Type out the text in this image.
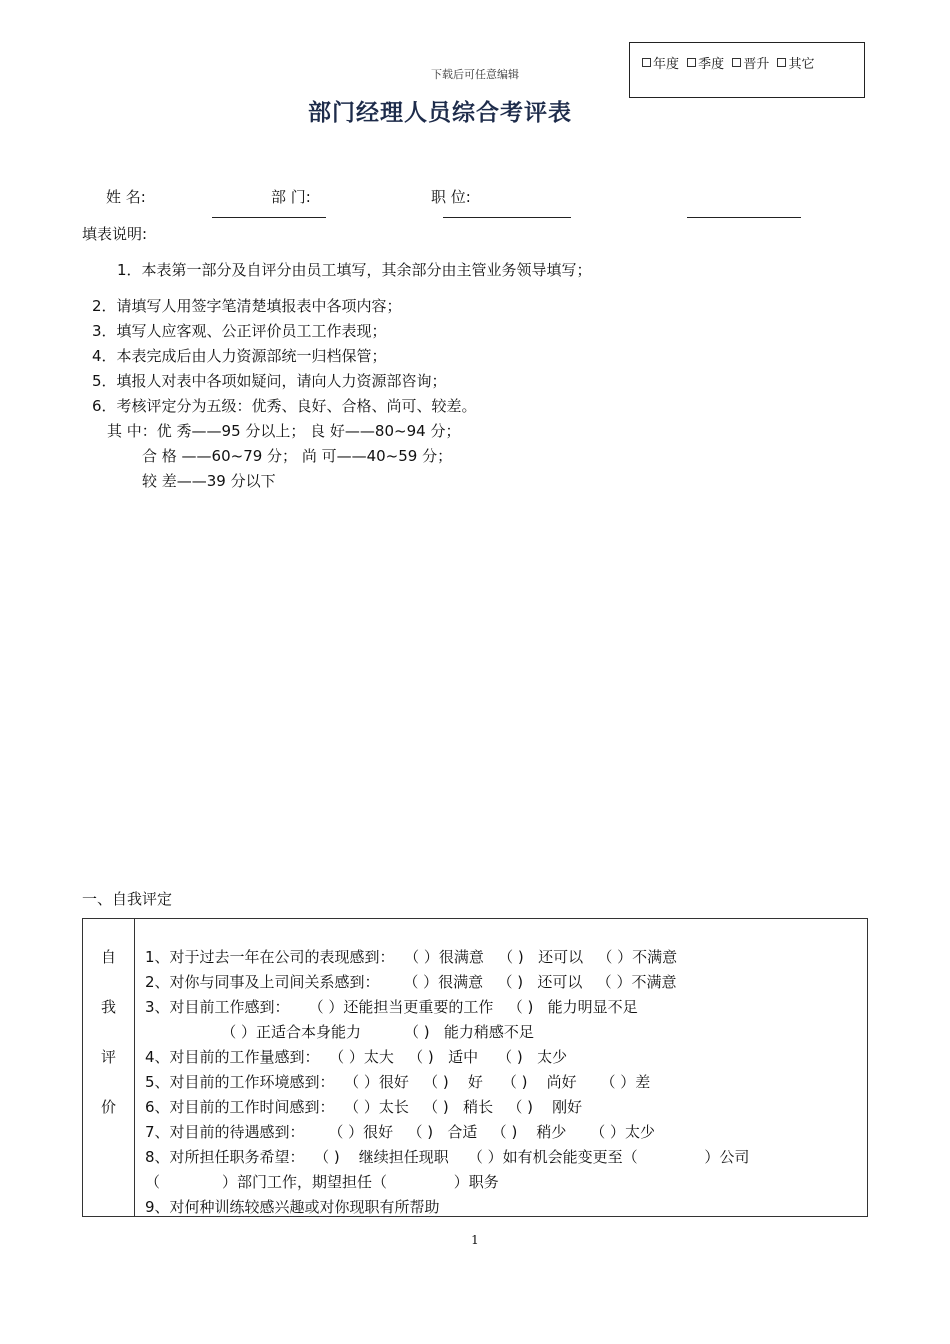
下载后可任意编辑
年度 季度 晋升 其它
部门经理人员综合考评表
姓 名:	部 门:	职 位:
填表说明:
1．本表第一部分及自评分由员工填写，其余部分由主管业务领导填写；
2．请填写人用签字笔清楚填报表中各项内容；
3．填写人应客观、公正评价员工工作表现；
4．本表完成后由人力资源部统一归档保管；
5．填报人对表中各项如疑问，请向人力资源部咨询；
6．考核评定分为五级：优秀、良好、合格、尚可、较差。
其 中：优 秀——95 分以上； 良 好——80~94 分；
合 格 ——60~79 分； 尚 可——40~59 分；
较 差——39 分以下
一、自我评定
自
我
评
价
1、对于过去一年在公司的表现感到：  （ ）很满意   （ )   还可以   （ ）不满意
2、对你与同事及上司间关系感到：     （ ）很满意   （ )   还可以   （ ）不满意
3、对目前工作感到：    （ ）还能担当更重要的工作   （ )   能力明显不足
（ ）正适合本身能力         （ )   能力稍感不足
4、对目前的工作量感到：  （ ）太大   （ )   适中    （ )   太少
5、对目前的工作环境感到：  （ ）很好   （ )    好    （ )    尚好     （ ）差
6、对目前的工作时间感到：  （ ）太长   （ )   稍长   （ )    刚好
7、对目前的待遇感到：     （ ）很好   （ )   合适   （ )    稍少     （ ）太少
8、对所担任职务希望：  （ )    继续担任现职    （ ）如有机会能变更至（              ）公司
（             ）部门工作，期望担任（              ）职务
9、对何种训练较感兴趣或对你现职有所帮助
1
